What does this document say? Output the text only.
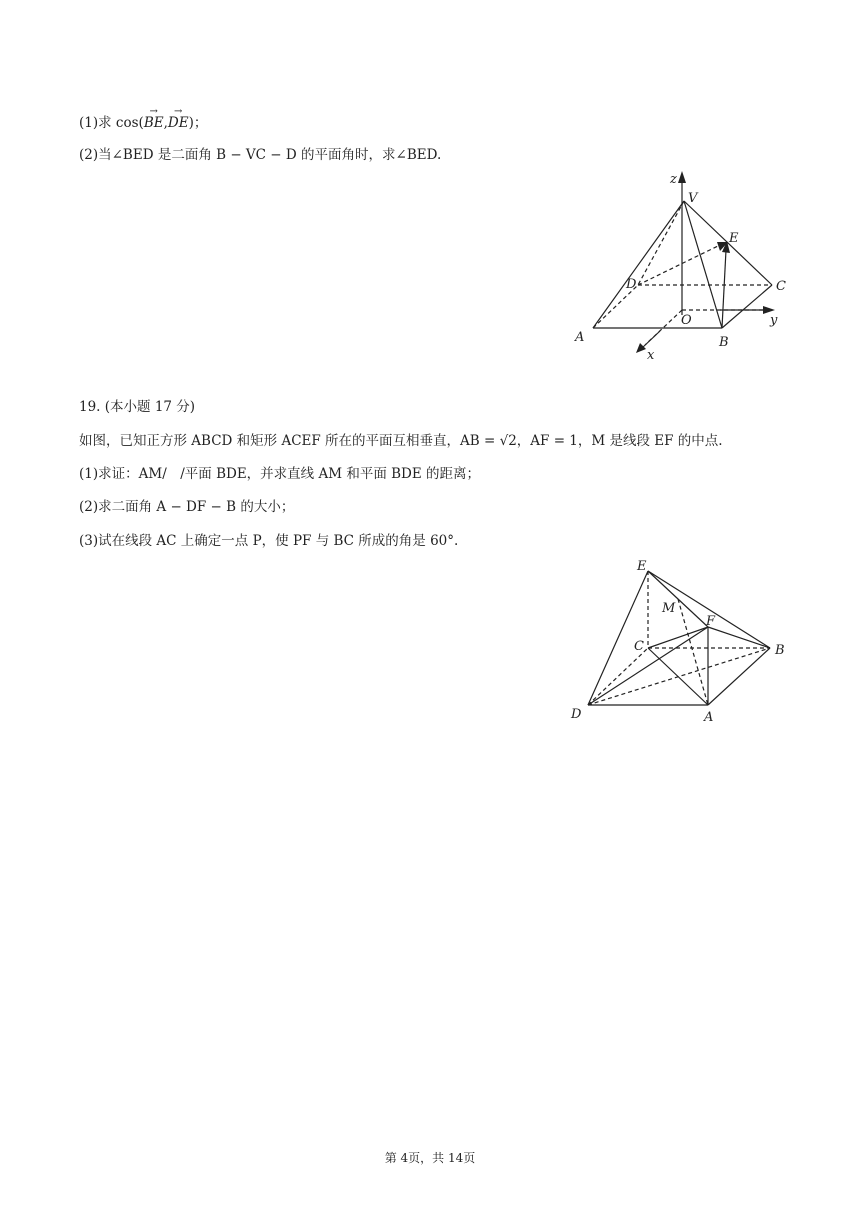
(1)求 cos(→ BE,→ DE)；
(2)当∠BED 是二面角 B − VC − D 的平面角时，求∠BED.
z
V
E
D	C
O	y
A	B
x
19. (本小题 17 分)
如图，已知正方形 ABCD 和矩形 ACEF 所在的平面互相垂直，AB = √2，AF = 1，M 是线段 EF 的中点.
(1)求证：AM/　/平面 BDE，并求直线 AM 和平面 BDE 的距离；
(2)求二面角 A − DF − B 的大小；
(3)试在线段 AC 上确定一点 P，使 PF 与 BC 所成的角是 60°.
E
M
F
C	B
D	A
第 4页，共 14页
